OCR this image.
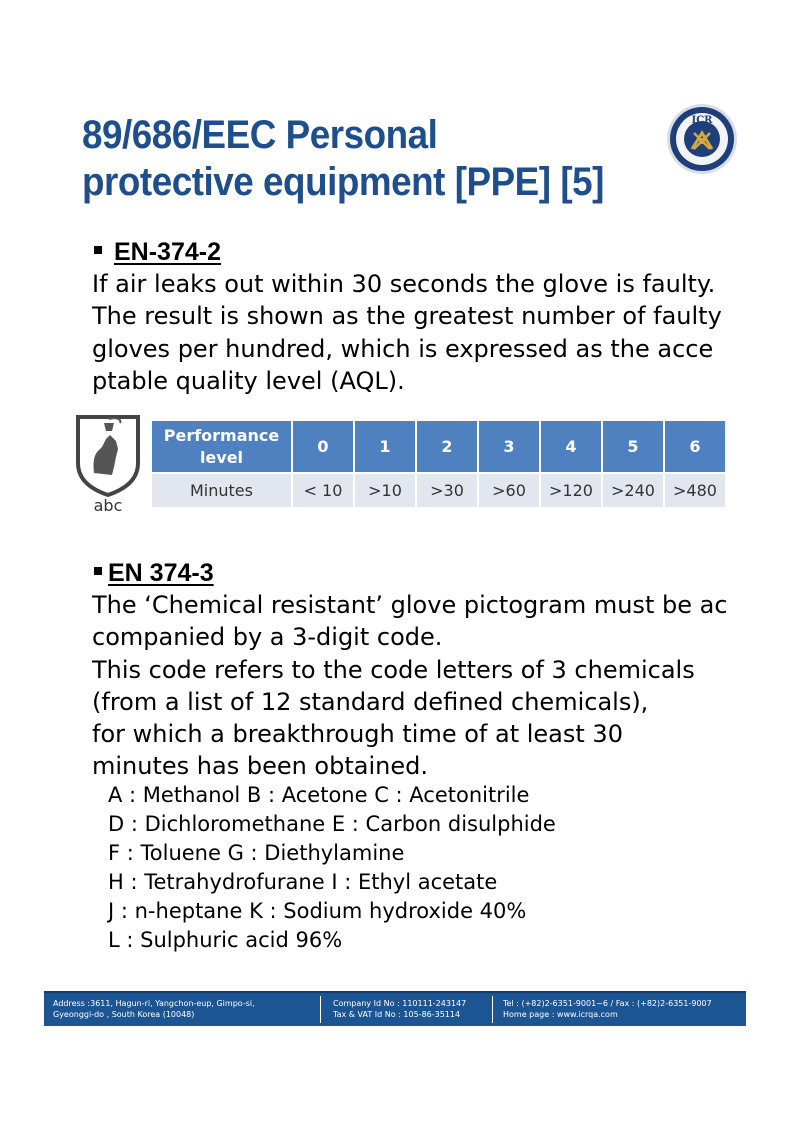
89/686/EEC Personal
protective equipment [PPE] [5]
ICR
EN-374-2
If air leaks out within 30 seconds the glove is faulty.
The result is shown as the greatest number of faulty
gloves per hundred, which is expressed as the acce
ptable quality level (AQL).
abc
Performance level	0	1	2	3	4	5	6
Minutes	< 10	>10	>30	>60	>120	>240	>480
EN 374-3
The ‘Chemical resistant’ glove pictogram must be ac
companied by a 3-digit code.
This code refers to the code letters of 3 chemicals
(from a list of 12 standard defined chemicals),
for which a breakthrough time of at least 30
minutes has been obtained.
A : Methanol B : Acetone C : Acetonitrile
D : Dichloromethane E : Carbon disulphide
F : Toluene G : Diethylamine
H : Tetrahydrofurane I : Ethyl acetate
J : n-heptane K : Sodium hydroxide 40%
L : Sulphuric acid 96%
Address :3611, Hagun-ri, Yangchon-eup, Gimpo-si,
Gyeonggi-do , South Korea (10048)
Company Id No : 110111-243147
Tax & VAT Id No : 105-86-35114
Tel : (+82)2-6351-9001~6 / Fax : (+82)2-6351-9007
Home page : www.icrqa.com
